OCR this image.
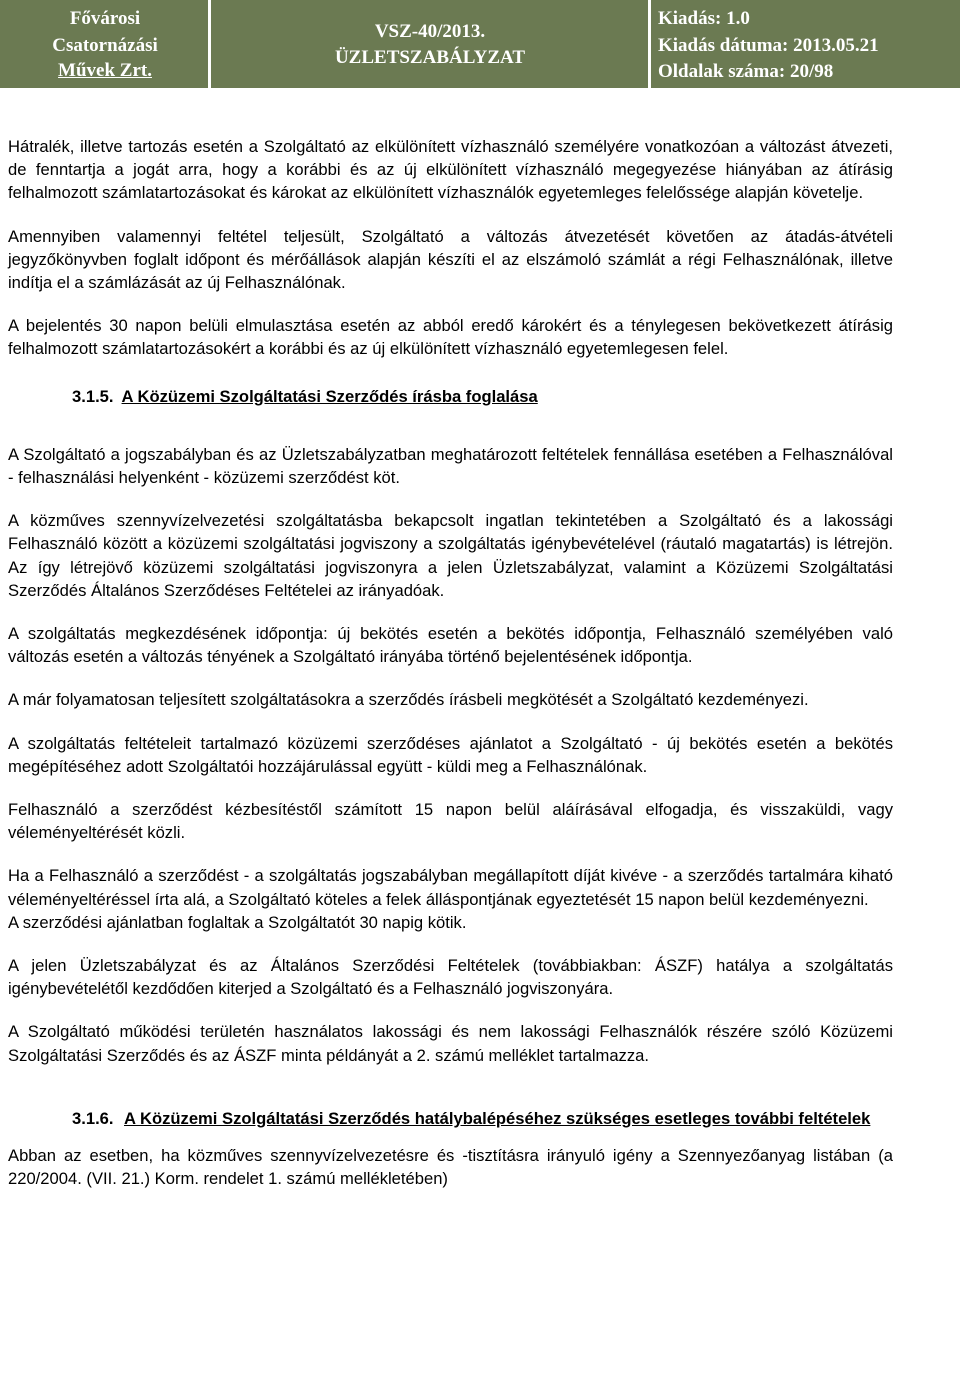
Fővárosi
Csatornázási
Művek Zrt.
VSZ-40/2013.
ÜZLETSZABÁLYZAT
Kiadás: 1.0
Kiadás dátuma: 2013.05.21
Oldalak száma: 20/98

Hátralék, illetve tartozás esetén a Szolgáltató az elkülönített vízhasználó személyére vonatkozóan a változást átvezeti, de fenntartja a jogát arra, hogy a korábbi és az új elkülönített vízhasználó megegyezése hiányában az átírásig felhalmozott számlatartozásokat és károkat az elkülönített vízhasználók egyetemleges felelőssége alapján követelje.

Amennyiben valamennyi feltétel teljesült, Szolgáltató a változás átvezetését követően az átadás-átvételi jegyzőkönyvben foglalt időpont és mérőállások alapján készíti el az elszámoló számlát a régi Felhasználónak, illetve indítja el a számlázását az új Felhasználónak.

A bejelentés 30 napon belüli elmulasztása esetén az abból eredő károkért és a ténylegesen bekövetkezett átírásig felhalmozott számlatartozásokért a korábbi és az új elkülönített vízhasználó egyetemlegesen felel.

3.1.5. A Közüzemi Szolgáltatási Szerződés írásba foglalása

A Szolgáltató a jogszabályban és az Üzletszabályzatban meghatározott feltételek fennállása esetében a Felhasználóval - felhasználási helyenként - közüzemi szerződést köt.

A közműves szennyvízelvezetési szolgáltatásba bekapcsolt ingatlan tekintetében a Szolgáltató és a lakossági Felhasználó között a közüzemi szolgáltatási jogviszony a szolgáltatás igénybevételével (ráutaló magatartás) is létrejön. Az így létrejövő közüzemi szolgáltatási jogviszonyra a jelen Üzletszabályzat, valamint a Közüzemi Szolgáltatási Szerződés Általános Szerződéses Feltételei az irányadóak.

A szolgáltatás megkezdésének időpontja: új bekötés esetén a bekötés időpontja, Felhasználó személyében való változás esetén a változás tényének a Szolgáltató irányába történő bejelentésének időpontja.

A már folyamatosan teljesített szolgáltatásokra a szerződés írásbeli megkötését a Szolgáltató kezdeményezi.

A szolgáltatás feltételeit tartalmazó közüzemi szerződéses ajánlatot a Szolgáltató - új bekötés esetén a bekötés megépítéséhez adott Szolgáltatói hozzájárulással együtt - küldi meg a Felhasználónak.

Felhasználó a szerződést kézbesítéstől számított 15 napon belül aláírásával elfogadja, és visszaküldi, vagy véleményeltérését közli.

Ha a Felhasználó a szerződést - a szolgáltatás jogszabályban megállapított díját kivéve - a szerződés tartalmára kiható véleményeltéréssel írta alá, a Szolgáltató köteles a felek álláspontjának egyeztetését 15 napon belül kezdeményezni.

A szerződési ajánlatban foglaltak a Szolgáltatót 30 napig kötik.

A jelen Üzletszabályzat és az Általános Szerződési Feltételek (továbbiakban: ÁSZF) hatálya a szolgáltatás igénybevételétől kezdődően kiterjed a Szolgáltató és a Felhasználó jogviszonyára.

A Szolgáltató működési területén használatos lakossági és nem lakossági Felhasználók részére szóló Közüzemi Szolgáltatási Szerződés és az ÁSZF minta példányát a 2. számú melléklet tartalmazza.

3.1.6. A Közüzemi Szolgáltatási Szerződés hatálybalépéséhez szükséges esetleges további feltételek

Abban az esetben, ha közműves szennyvízelvezetésre és -tisztításra irányuló igény a Szennyezőanyag listában (a 220/2004. (VII. 21.) Korm. rendelet 1. számú mellékletében)
